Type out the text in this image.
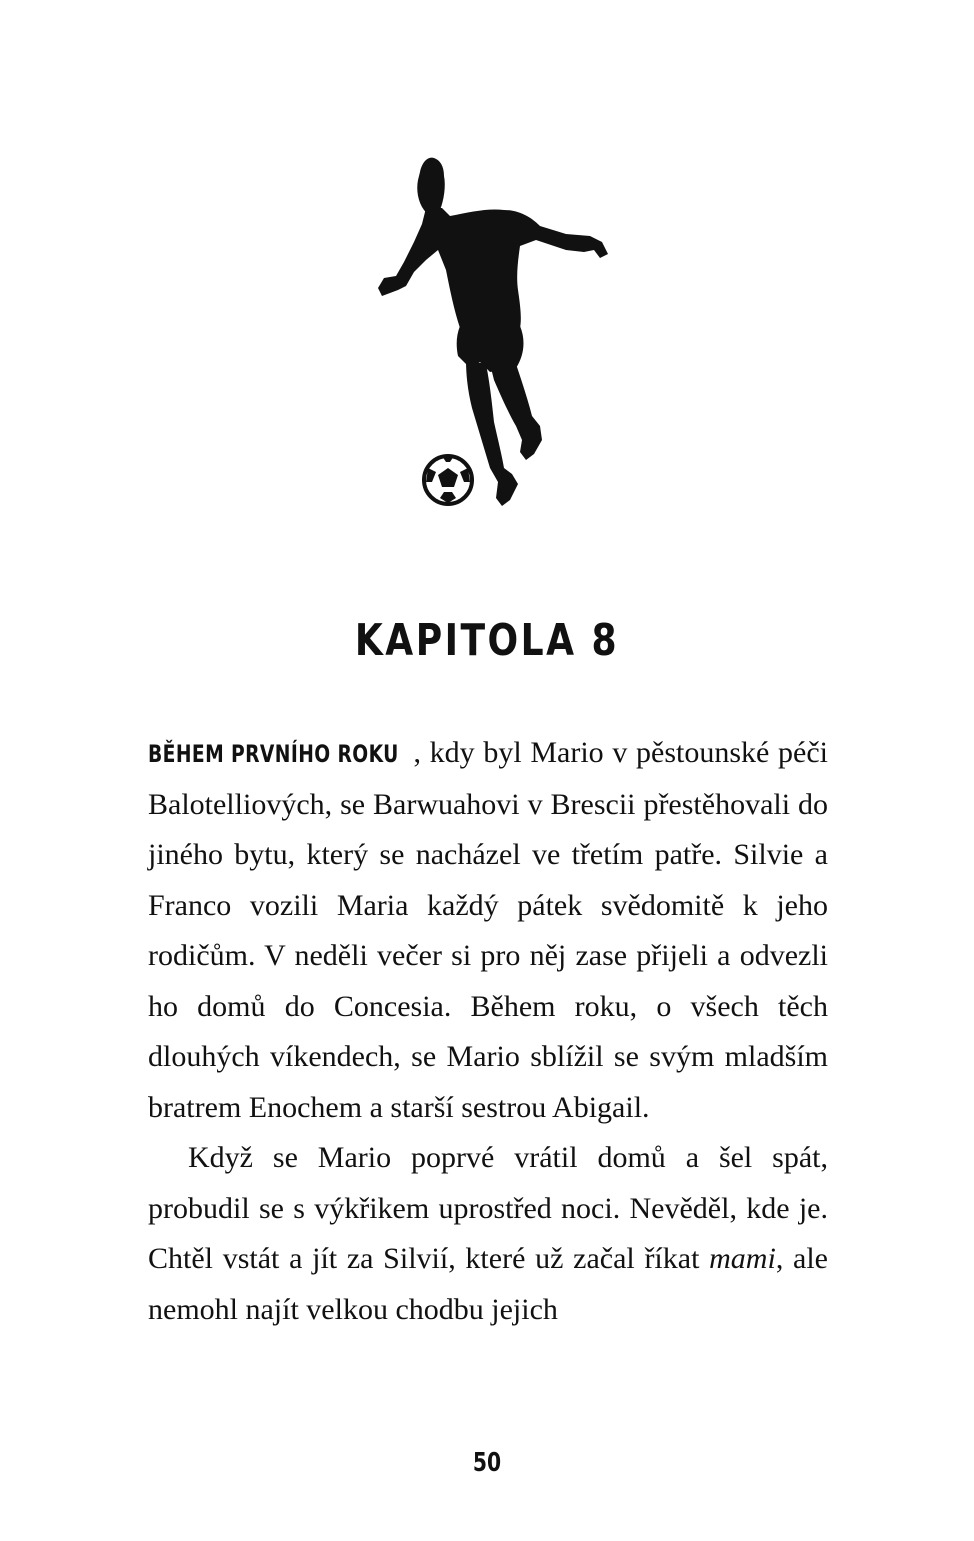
KAPITOLA 8

BĚHEM PRVNÍHO ROKU , kdy byl Mario v pěstounské péči Balotelliových, se Barwuahovi v Brescii přestěhovali do jiného bytu, který se nacházel ve třetím patře. Silvie a Franco vozili Maria každý pátek svědomitě k jeho rodičům. V neděli večer si pro něj zase přijeli a odvezli ho domů do Concesia. Během roku, o všech těch dlouhých víkendech, se Mario sblížil se svým mladším bratrem Enochem a starší sestrou Abigail.

Když se Mario poprvé vrátil domů a šel spát, probudil se s výkřikem uprostřed noci. Nevěděl, kde je. Chtěl vstát a jít za Silvií, které už začal říkat mami, ale nemohl najít velkou chodbu jejich

50
